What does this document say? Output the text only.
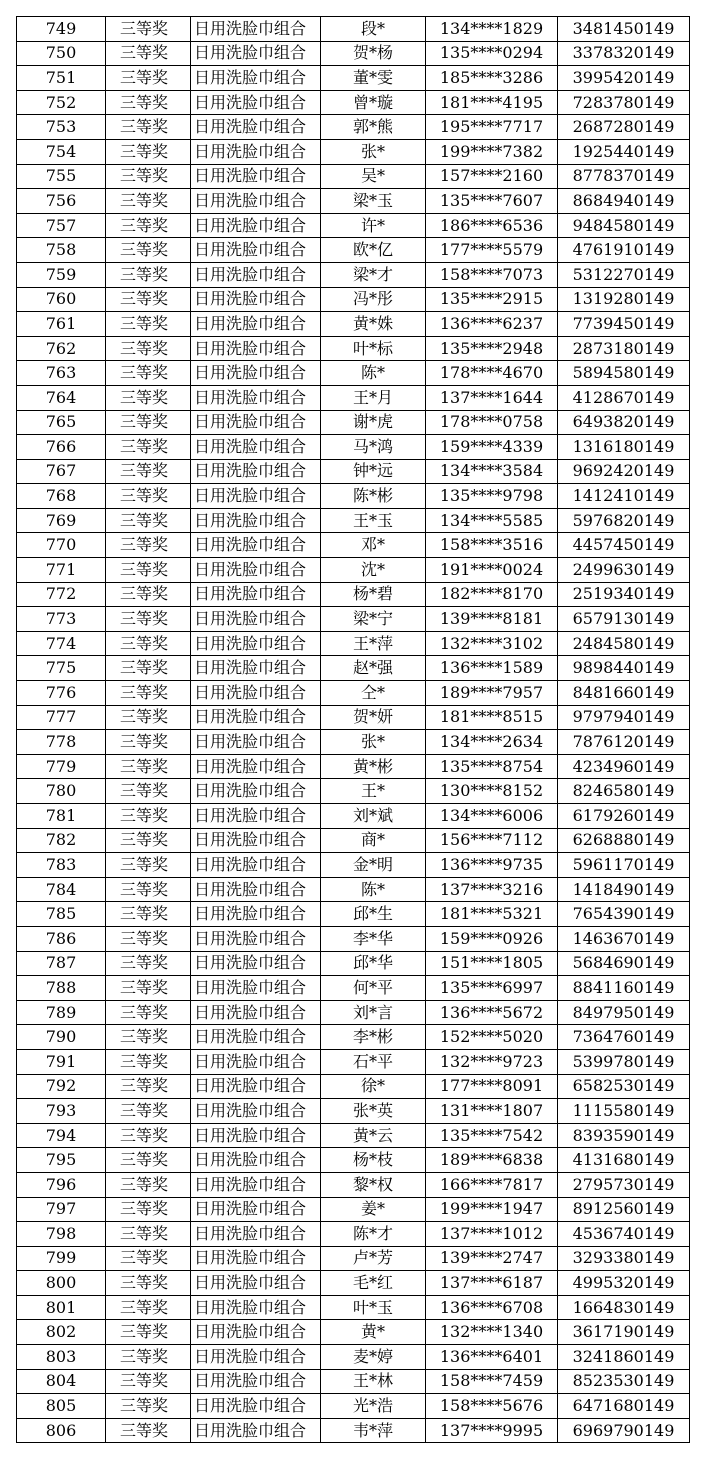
749	三等奖	日用洗脸巾组合	段*	134****1829	3481450149
750	三等奖	日用洗脸巾组合	贺*杨	135****0294	3378320149
751	三等奖	日用洗脸巾组合	董*雯	185****3286	3995420149
752	三等奖	日用洗脸巾组合	曾*璇	181****4195	7283780149
753	三等奖	日用洗脸巾组合	郭*熊	195****7717	2687280149
754	三等奖	日用洗脸巾组合	张*	199****7382	1925440149
755	三等奖	日用洗脸巾组合	吴*	157****2160	8778370149
756	三等奖	日用洗脸巾组合	梁*玉	135****7607	8684940149
757	三等奖	日用洗脸巾组合	许*	186****6536	9484580149
758	三等奖	日用洗脸巾组合	欧*亿	177****5579	4761910149
759	三等奖	日用洗脸巾组合	梁*才	158****7073	5312270149
760	三等奖	日用洗脸巾组合	冯*彤	135****2915	1319280149
761	三等奖	日用洗脸巾组合	黄*姝	136****6237	7739450149
762	三等奖	日用洗脸巾组合	叶*标	135****2948	2873180149
763	三等奖	日用洗脸巾组合	陈*	178****4670	5894580149
764	三等奖	日用洗脸巾组合	王*月	137****1644	4128670149
765	三等奖	日用洗脸巾组合	谢*虎	178****0758	6493820149
766	三等奖	日用洗脸巾组合	马*鸿	159****4339	1316180149
767	三等奖	日用洗脸巾组合	钟*远	134****3584	9692420149
768	三等奖	日用洗脸巾组合	陈*彬	135****9798	1412410149
769	三等奖	日用洗脸巾组合	王*玉	134****5585	5976820149
770	三等奖	日用洗脸巾组合	邓*	158****3516	4457450149
771	三等奖	日用洗脸巾组合	沈*	191****0024	2499630149
772	三等奖	日用洗脸巾组合	杨*碧	182****8170	2519340149
773	三等奖	日用洗脸巾组合	梁*宁	139****8181	6579130149
774	三等奖	日用洗脸巾组合	王*萍	132****3102	2484580149
775	三等奖	日用洗脸巾组合	赵*强	136****1589	9898440149
776	三等奖	日用洗脸巾组合	仝*	189****7957	8481660149
777	三等奖	日用洗脸巾组合	贺*妍	181****8515	9797940149
778	三等奖	日用洗脸巾组合	张*	134****2634	7876120149
779	三等奖	日用洗脸巾组合	黄*彬	135****8754	4234960149
780	三等奖	日用洗脸巾组合	王*	130****8152	8246580149
781	三等奖	日用洗脸巾组合	刘*斌	134****6006	6179260149
782	三等奖	日用洗脸巾组合	商*	156****7112	6268880149
783	三等奖	日用洗脸巾组合	金*明	136****9735	5961170149
784	三等奖	日用洗脸巾组合	陈*	137****3216	1418490149
785	三等奖	日用洗脸巾组合	邱*生	181****5321	7654390149
786	三等奖	日用洗脸巾组合	李*华	159****0926	1463670149
787	三等奖	日用洗脸巾组合	邱*华	151****1805	5684690149
788	三等奖	日用洗脸巾组合	何*平	135****6997	8841160149
789	三等奖	日用洗脸巾组合	刘*言	136****5672	8497950149
790	三等奖	日用洗脸巾组合	李*彬	152****5020	7364760149
791	三等奖	日用洗脸巾组合	石*平	132****9723	5399780149
792	三等奖	日用洗脸巾组合	徐*	177****8091	6582530149
793	三等奖	日用洗脸巾组合	张*英	131****1807	1115580149
794	三等奖	日用洗脸巾组合	黄*云	135****7542	8393590149
795	三等奖	日用洗脸巾组合	杨*枝	189****6838	4131680149
796	三等奖	日用洗脸巾组合	黎*权	166****7817	2795730149
797	三等奖	日用洗脸巾组合	姜*	199****1947	8912560149
798	三等奖	日用洗脸巾组合	陈*才	137****1012	4536740149
799	三等奖	日用洗脸巾组合	卢*芳	139****2747	3293380149
800	三等奖	日用洗脸巾组合	毛*红	137****6187	4995320149
801	三等奖	日用洗脸巾组合	叶*玉	136****6708	1664830149
802	三等奖	日用洗脸巾组合	黄*	132****1340	3617190149
803	三等奖	日用洗脸巾组合	麦*婷	136****6401	3241860149
804	三等奖	日用洗脸巾组合	王*林	158****7459	8523530149
805	三等奖	日用洗脸巾组合	光*浩	158****5676	6471680149
806	三等奖	日用洗脸巾组合	韦*萍	137****9995	6969790149
